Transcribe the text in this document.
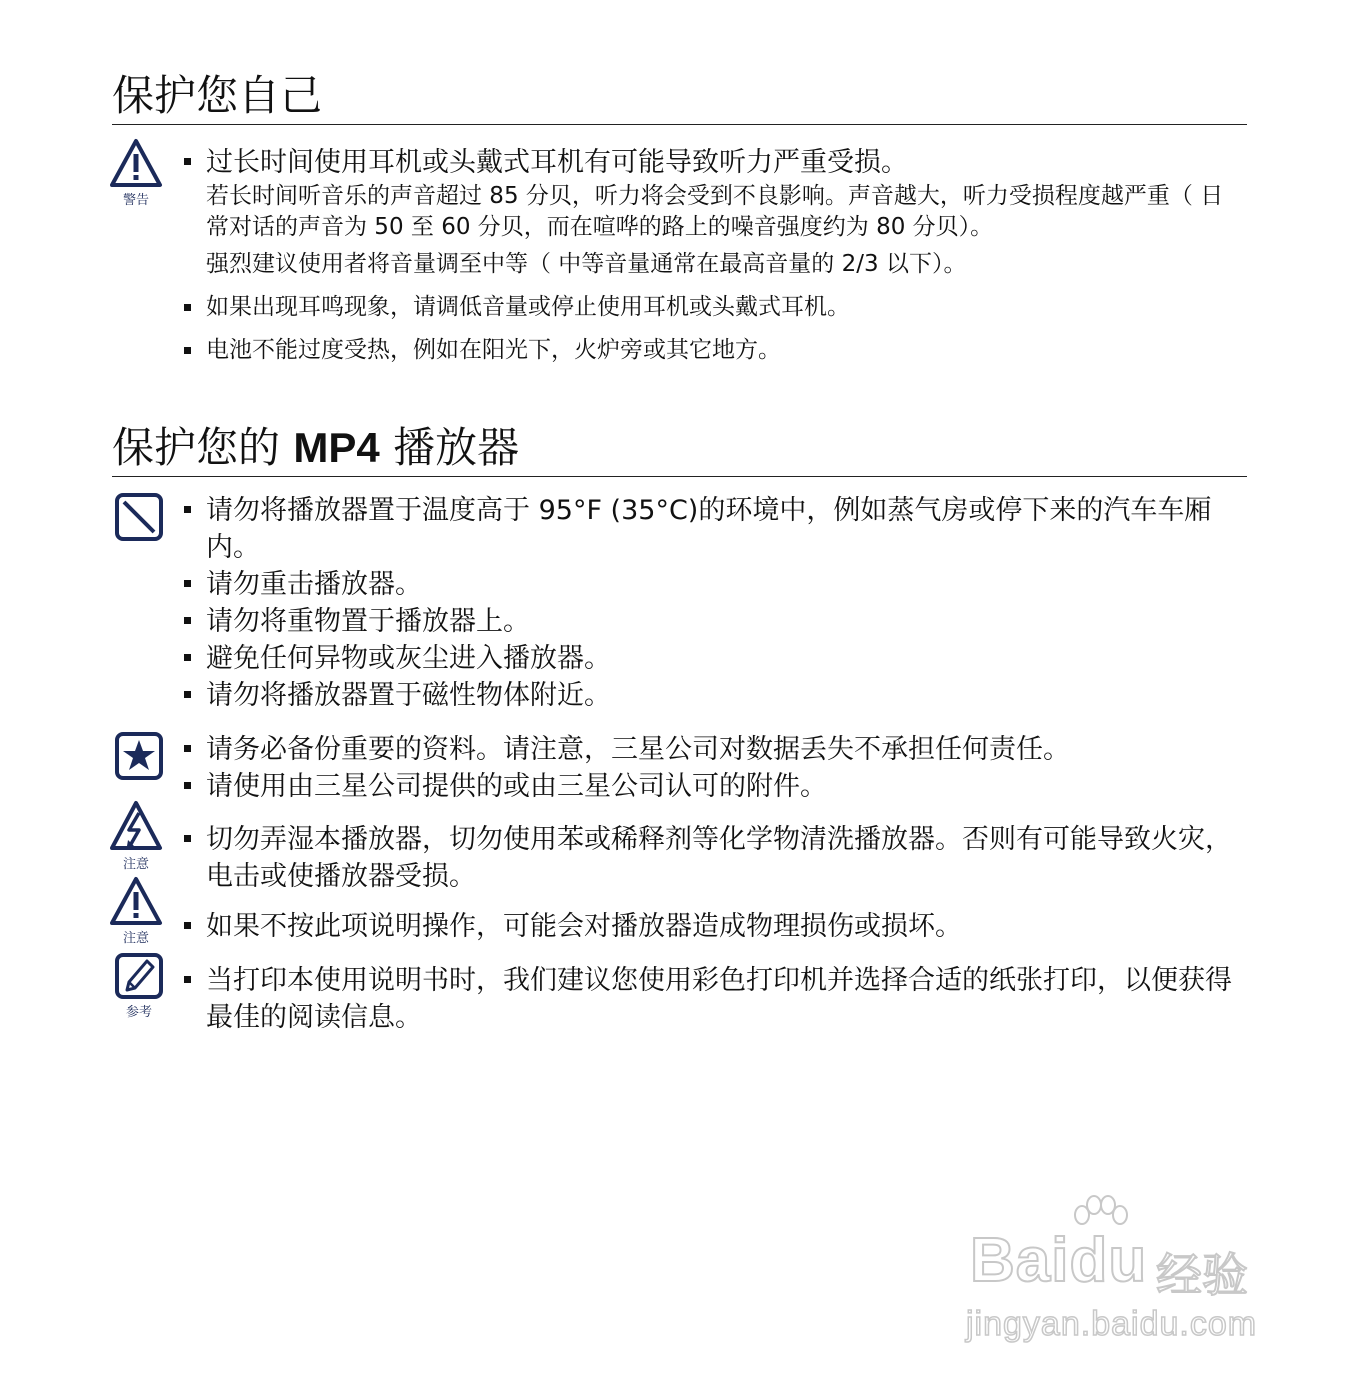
保护您自己
警告
过长时间使用耳机或头戴式耳机有可能导致听力严重受损。
若长时间听音乐的声音超过 85 分贝，听力将会受到不良影响。声音越大，听力受损程度越严重（ 日常对话的声音为 50 至 60 分贝，而在喧哗的路上的噪音强度约为 80 分贝）。
强烈建议使用者将音量调至中等（ 中等音量通常在最高音量的 2/3 以下）。
如果出现耳鸣现象，请调低音量或停止使用耳机或头戴式耳机。
电池不能过度受热，例如在阳光下，火炉旁或其它地方。
保护您的 MP4 播放器
请勿将播放器置于温度高于 95°F (35°C)的环境中，例如蒸气房或停下来的汽车车厢内。
请勿重击播放器。
请勿将重物置于播放器上。
避免任何异物或灰尘进入播放器。
请勿将播放器置于磁性物体附近。
请务必备份重要的资料。请注意，三星公司对数据丢失不承担任何责任。
请使用由三星公司提供的或由三星公司认可的附件。
注意
切勿弄湿本播放器，切勿使用苯或稀释剂等化学物清洗播放器。否则有可能导致火灾，电击或使播放器受损。
注意	如果不按此项说明操作，可能会对播放器造成物理损伤或损坏。
参考
当打印本使用说明书时，我们建议您使用彩色打印机并选择合适的纸张打印，以便获得最佳的阅读信息。
Baidu 经验
jingyan.baidu.com
